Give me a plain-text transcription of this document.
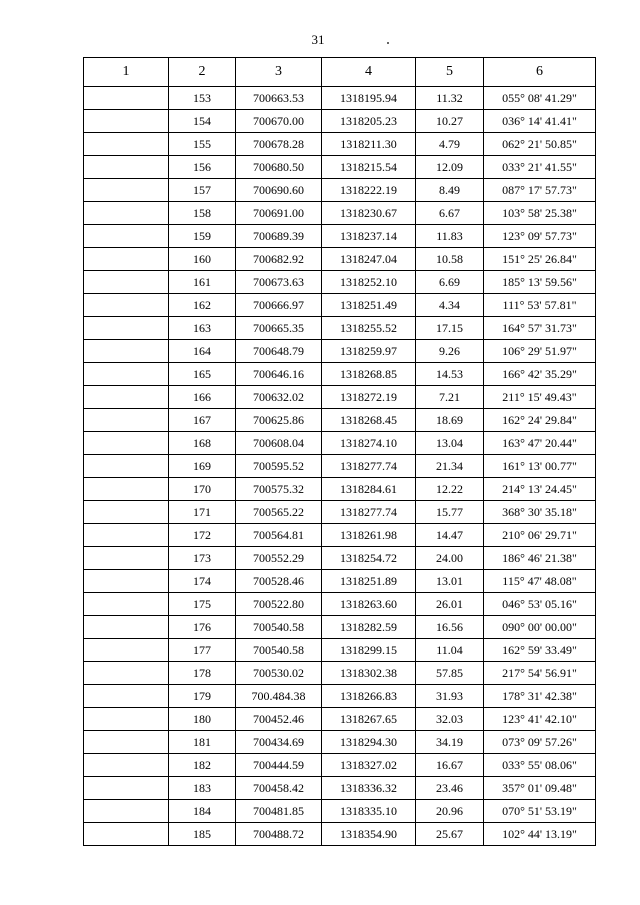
31
1	2	3	4	5	6
	153	700663.53	1318195.94	11.32	055° 08' 41.29"
	154	700670.00	1318205.23	10.27	036° 14' 41.41"
	155	700678.28	1318211.30	4.79	062° 21' 50.85"
	156	700680.50	1318215.54	12.09	033° 21' 41.55"
	157	700690.60	1318222.19	8.49	087° 17' 57.73"
	158	700691.00	1318230.67	6.67	103° 58' 25.38"
	159	700689.39	1318237.14	11.83	123° 09' 57.73"
	160	700682.92	1318247.04	10.58	151° 25' 26.84"
	161	700673.63	1318252.10	6.69	185° 13' 59.56"
	162	700666.97	1318251.49	4.34	111° 53' 57.81"
	163	700665.35	1318255.52	17.15	164° 57' 31.73"
	164	700648.79	1318259.97	9.26	106° 29' 51.97"
	165	700646.16	1318268.85	14.53	166° 42' 35.29"
	166	700632.02	1318272.19	7.21	211° 15' 49.43"
	167	700625.86	1318268.45	18.69	162° 24' 29.84"
	168	700608.04	1318274.10	13.04	163° 47' 20.44"
	169	700595.52	1318277.74	21.34	161° 13' 00.77"
	170	700575.32	1318284.61	12.22	214° 13' 24.45"
	171	700565.22	1318277.74	15.77	368° 30' 35.18"
	172	700564.81	1318261.98	14.47	210° 06' 29.71"
	173	700552.29	1318254.72	24.00	186° 46' 21.38"
	174	700528.46	1318251.89	13.01	115° 47' 48.08"
	175	700522.80	1318263.60	26.01	046° 53' 05.16"
	176	700540.58	1318282.59	16.56	090° 00' 00.00"
	177	700540.58	1318299.15	11.04	162° 59' 33.49"
	178	700530.02	1318302.38	57.85	217° 54' 56.91"
	179	700.484.38	1318266.83	31.93	178° 31' 42.38"
	180	700452.46	1318267.65	32.03	123° 41' 42.10"
	181	700434.69	1318294.30	34.19	073° 09' 57.26"
	182	700444.59	1318327.02	16.67	033° 55' 08.06"
	183	700458.42	1318336.32	23.46	357° 01' 09.48"
	184	700481.85	1318335.10	20.96	070° 51' 53.19"
	185	700488.72	1318354.90	25.67	102° 44' 13.19"
